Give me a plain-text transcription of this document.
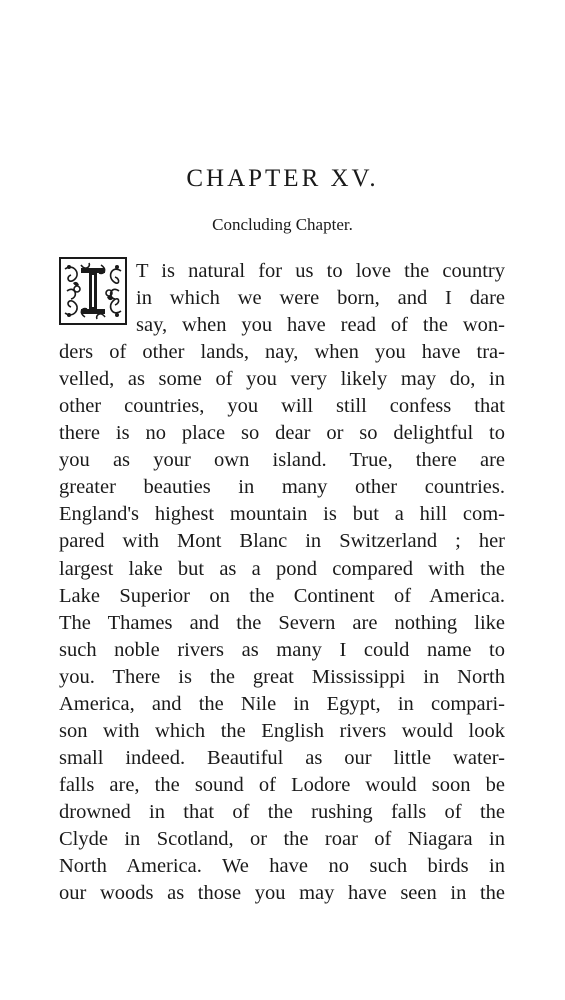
CHAPTER XV.

Concluding Chapter.

T is natural for us to love the country
in which we were born, and I dare
say, when you have read of the won-
ders of other lands, nay, when you have tra-
velled, as some of you very likely may do, in
other countries, you will still confess that
there is no place so dear or so delightful to
you as your own island. True, there are
greater beauties in many other countries.
England's highest mountain is but a hill com-
pared with Mont Blanc in Switzerland ; her
largest lake but as a pond compared with the
Lake Superior on the Continent of America.
The Thames and the Severn are nothing like
such noble rivers as many I could name to
you. There is the great Mississippi in North
America, and the Nile in Egypt, in compari-
son with which the English rivers would look
small indeed. Beautiful as our little water-
falls are, the sound of Lodore would soon be
drowned in that of the rushing falls of the
Clyde in Scotland, or the roar of Niagara in
North America. We have no such birds in
our woods as those you may have seen in the
